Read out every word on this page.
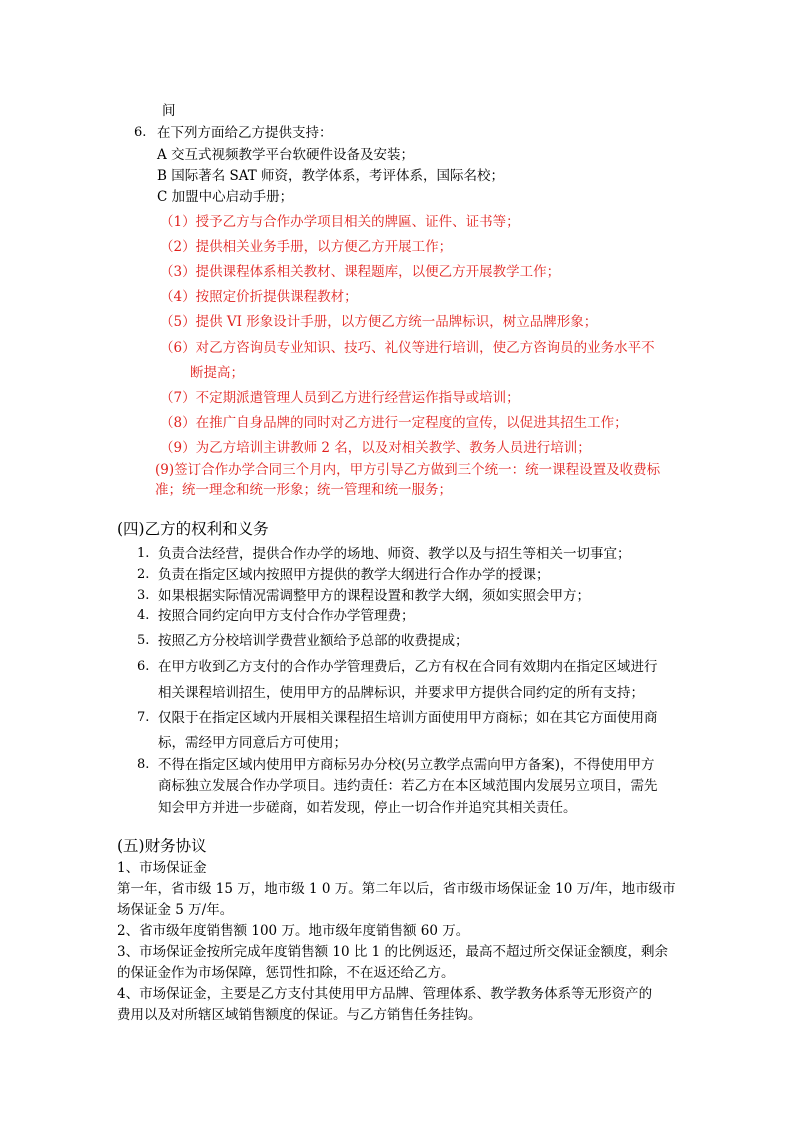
间
6. 在下列方面给乙方提供支持：
A 交互式视频教学平台软硬件设备及安装；
B 国际著名 SAT 师资，教学体系，考评体系，国际名校；
C 加盟中心启动手册；
（1）授予乙方与合作办学项目相关的牌匾、证件、证书等；
（2）提供相关业务手册，以方便乙方开展工作；
（3）提供课程体系相关教材、课程题库，以便乙方开展教学工作；
（4）按照定价折提供课程教材；
（5）提供 VI 形象设计手册，以方便乙方统一品牌标识，树立品牌形象；
（6）对乙方咨询员专业知识、技巧、礼仪等进行培训，使乙方咨询员的业务水平不
断提高；
（7）不定期派遣管理人员到乙方进行经营运作指导或培训；
（8）在推广自身品牌的同时对乙方进行一定程度的宣传，以促进其招生工作；
（9）为乙方培训主讲教师 2 名，以及对相关教学、教务人员进行培训；
(9)签订合作办学合同三个月内，甲方引导乙方做到三个统一：统一课程设置及收费标
准；统一理念和统一形象；统一管理和统一服务；
(四)乙方的权利和义务
1. 负责合法经营，提供合作办学的场地、师资、教学以及与招生等相关一切事宜；
2. 负责在指定区域内按照甲方提供的教学大纲进行合作办学的授课；
3. 如果根据实际情况需调整甲方的课程设置和教学大纲，须如实照会甲方；
4. 按照合同约定向甲方支付合作办学管理费；
5. 按照乙方分校培训学费营业额给予总部的收费提成；
6. 在甲方收到乙方支付的合作办学管理费后，乙方有权在合同有效期内在指定区域进行
相关课程培训招生，使用甲方的品牌标识，并要求甲方提供合同约定的所有支持；
7. 仅限于在指定区域内开展相关课程招生培训方面使用甲方商标；如在其它方面使用商
标，需经甲方同意后方可使用；
8. 不得在指定区域内使用甲方商标另办分校(另立教学点需向甲方备案)，不得使用甲方
商标独立发展合作办学项目。违约责任：若乙方在本区域范围内发展另立项目，需先
知会甲方并进一步磋商，如若发现，停止一切合作并追究其相关责任。
(五)财务协议
1、市场保证金
第一年，省市级 15 万，地市级 1 0 万。第二年以后，省市级市场保证金 10 万/年，地市级市
场保证金 5 万/年。
2、省市级年度销售额 100 万。地市级年度销售额 60 万。
3、市场保证金按所完成年度销售额 10 比 1 的比例返还，最高不超过所交保证金额度，剩余
的保证金作为市场保障，惩罚性扣除，不在返还给乙方。
4、市场保证金，主要是乙方支付其使用甲方品牌、管理体系、教学教务体系等无形资产的
费用以及对所辖区域销售额度的保证。与乙方销售任务挂钩。
